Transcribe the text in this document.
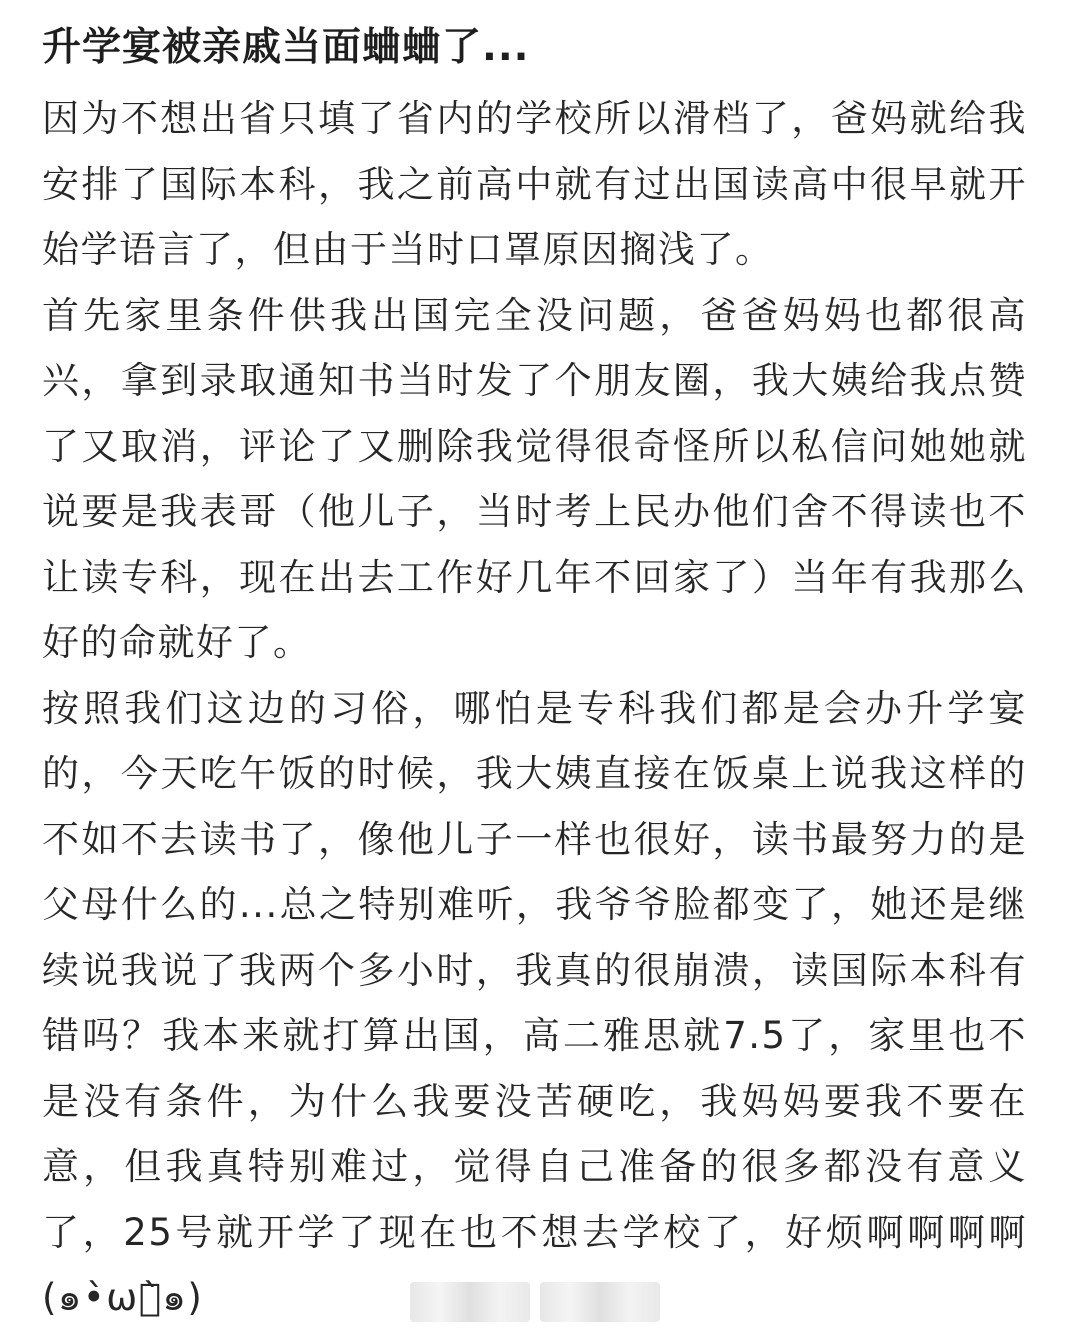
升学宴被亲戚当面蛐蛐了...

因为不想出省只填了省内的学校所以滑档了，爸妈就给我安排了国际本科，我之前高中就有过出国读高中很早就开始学语言了，但由于当时口罩原因搁浅了。

首先家里条件供我出国完全没问题，爸爸妈妈也都很高兴，拿到录取通知书当时发了个朋友圈，我大姨给我点赞了又取消，评论了又删除我觉得很奇怪所以私信问她她就说要是我表哥（他儿子，当时考上民办他们舍不得读也不让读专科，现在出去工作好几年不回家了）当年有我那么好的命就好了。

按照我们这边的习俗，哪怕是专科我们都是会办升学宴的，今天吃午饭的时候，我大姨直接在饭桌上说我这样的不如不去读书了，像他儿子一样也很好，读书最努力的是父母什么的...总之特别难听，我爷爷脸都变了，她还是继续说我说了我两个多小时，我真的很崩溃，读国际本科有错吗？我本来就打算出国，高二雅思就7.5了，家里也不是没有条件，为什么我要没苦硬吃，我妈妈要我不要在意，但我真特别难过，觉得自己准备的很多都没有意义了，25号就开学了现在也不想去学校了，好烦啊啊啊啊 (๑•̀ωก̀๑)
